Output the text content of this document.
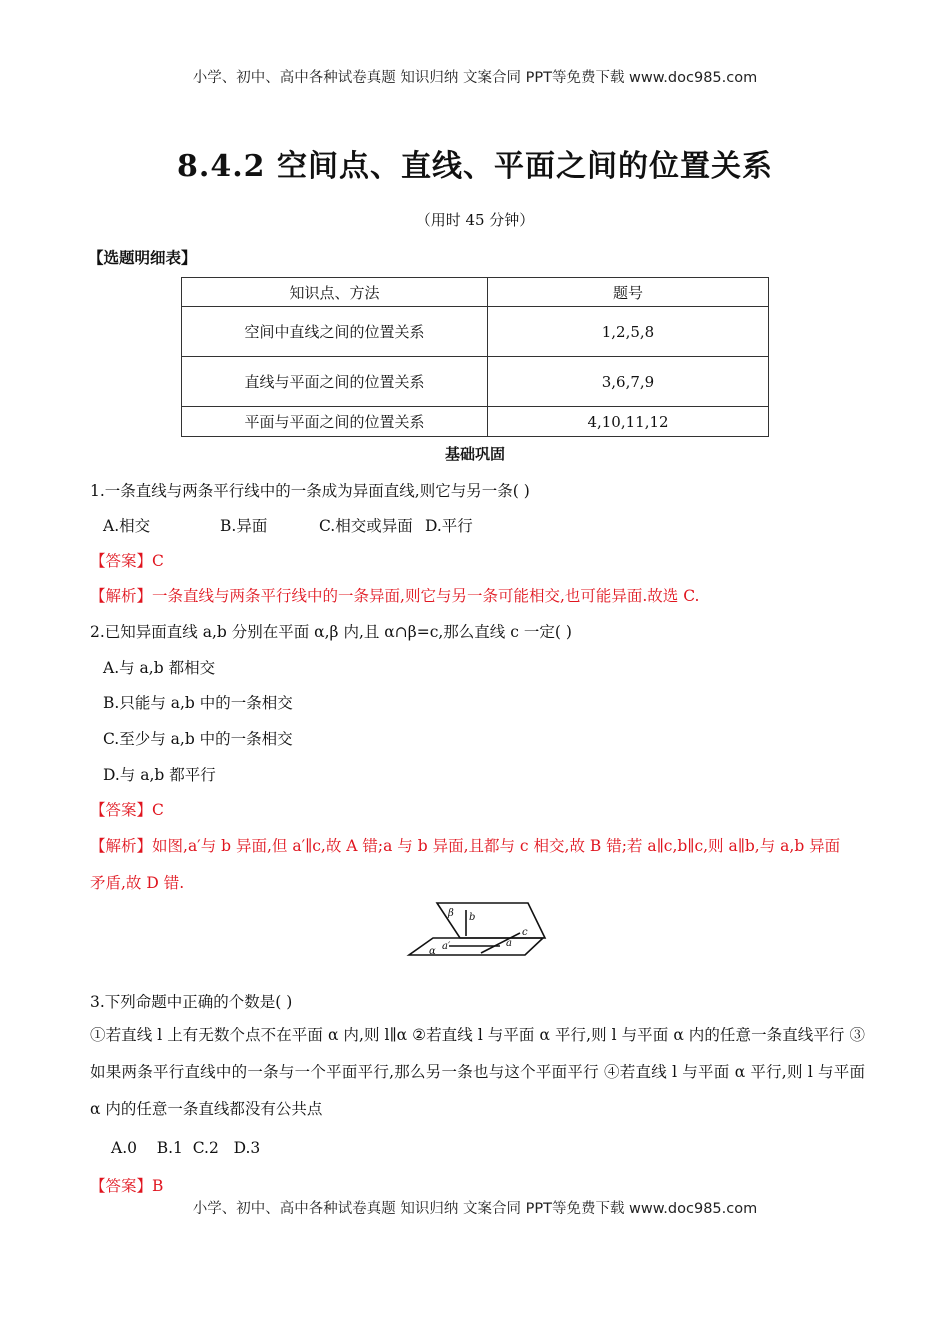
小学、初中、高中各种试卷真题 知识归纳 文案合同 PPT等免费下载 www.doc985.com
8.4.2 空间点、直线、平面之间的位置关系
（用时 45 分钟）
【选题明细表】
知识点、方法	题号
空间中直线之间的位置关系	1,2,5,8
直线与平面之间的位置关系	3,6,7,9
平面与平面之间的位置关系	4,10,11,12
基础巩固
1.一条直线与两条平行线中的一条成为异面直线,则它与另一条( )
A.相交	B.异面	C.相交或异面 D.平行
【答案】C
【解析】一条直线与两条平行线中的一条异面,则它与另一条可能相交,也可能异面.故选 C.
2.已知异面直线 a,b 分别在平面 α,β 内,且 α∩β=c,那么直线 c 一定( )
A.与 a,b 都相交
B.只能与 a,b 中的一条相交
C.至少与 a,b 中的一条相交
D.与 a,b 都平行
【答案】C
【解析】如图,a′与 b 异面,但 a′∥c,故 A 错;a 与 b 异面,且都与 c 相交,故 B 错;若 a∥c,b∥c,则 a∥b,与 a,b 异面
矛盾,故 D 错.
β b
c
a
a′
α
3.下列命题中正确的个数是( )
①若直线 l 上有无数个点不在平面 α 内,则 l∥α ②若直线 l 与平面 α 平行,则 l 与平面 α 内的任意一条直线平行 ③如果两条平行直线中的一条与一个平面平行,那么另一条也与这个平面平行 ④若直线 l 与平面 α 平行,则 l 与平面 α 内的任意一条直线都没有公共点
A.0    B.1  C.2   D.3
【答案】B
小学、初中、高中各种试卷真题 知识归纳 文案合同 PPT等免费下载 www.doc985.com
